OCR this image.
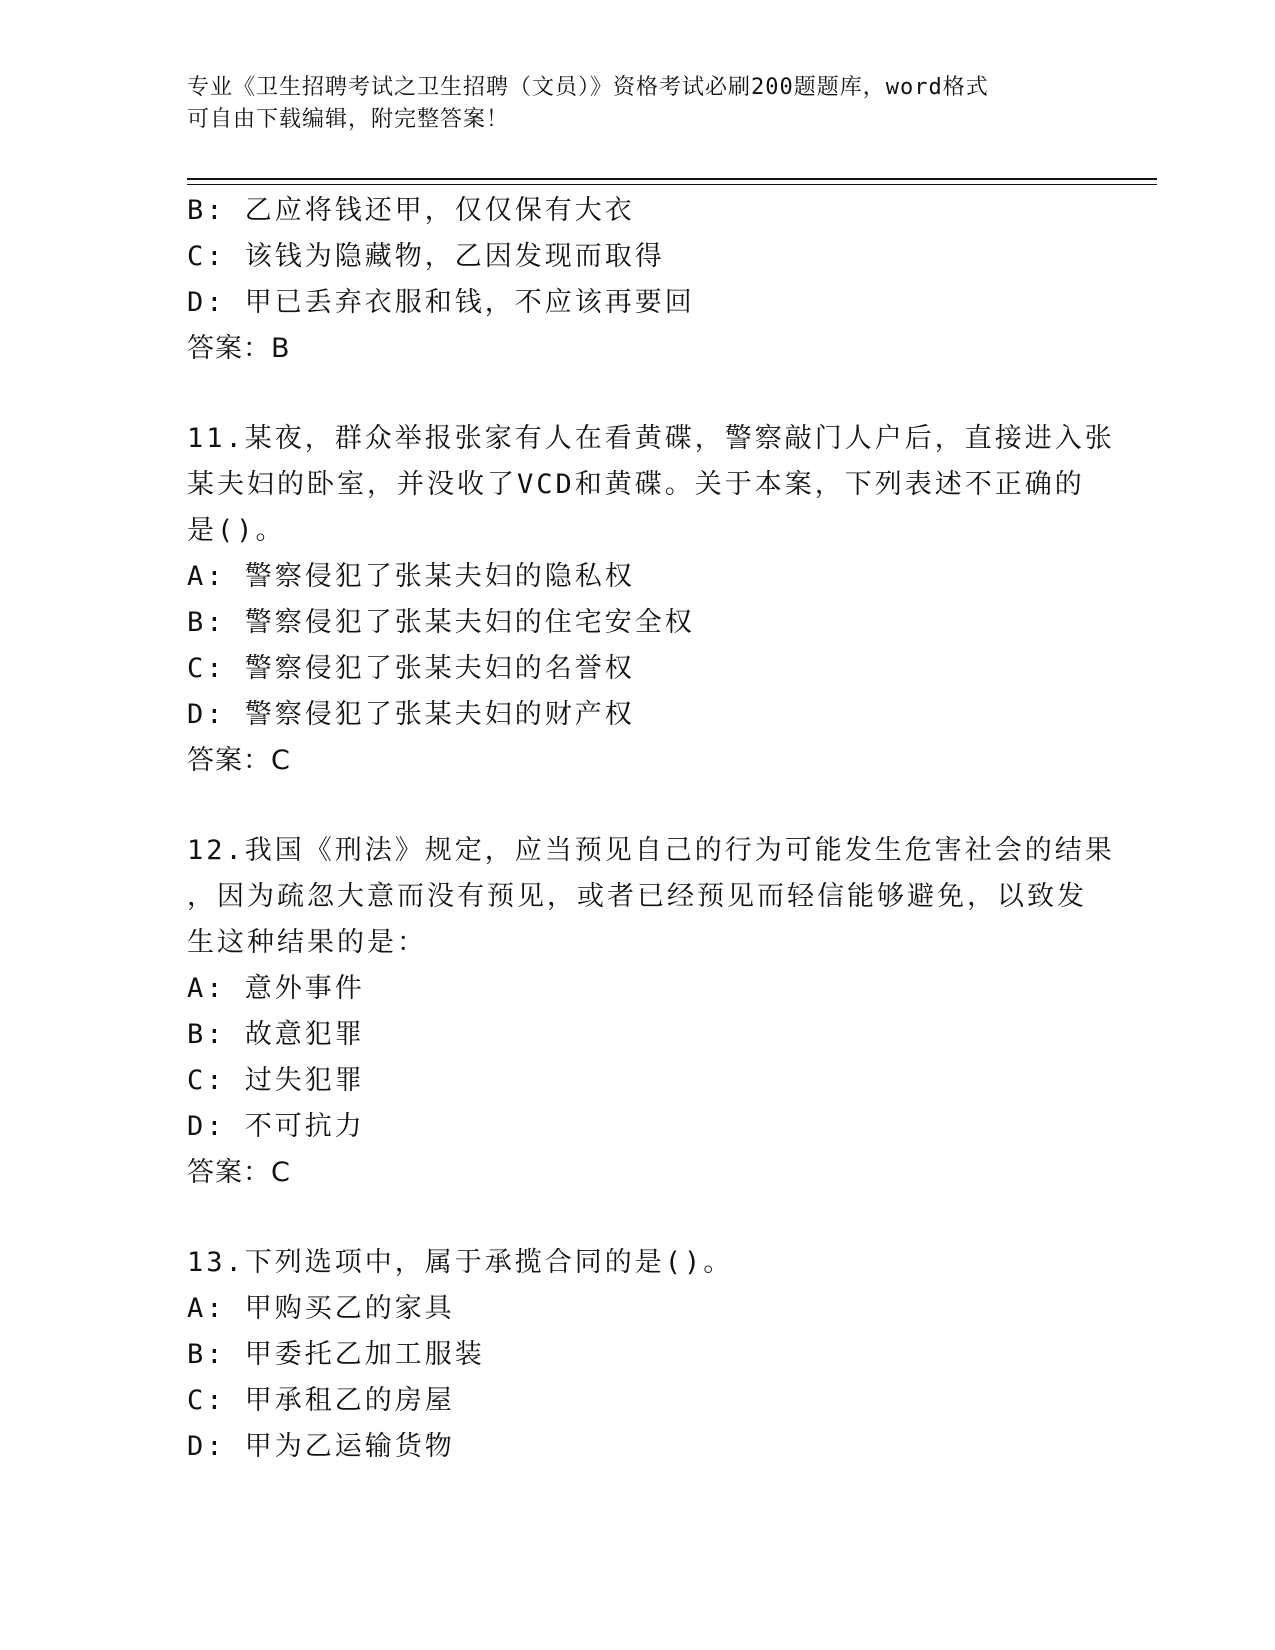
专业《卫生招聘考试之卫生招聘（文员）》资格考试必刷200题题库，word格式
可自由下载编辑，附完整答案！
B: 乙应将钱还甲，仅仅保有大衣
C: 该钱为隐藏物，乙因发现而取得
D: 甲已丢弃衣服和钱，不应该再要回
答案：B
11.某夜，群众举报张家有人在看黄碟，警察敲门人户后，直接进入张
某夫妇的卧室，并没收了VCD和黄碟。关于本案，下列表述不正确的
是()。
A: 警察侵犯了张某夫妇的隐私权
B: 警察侵犯了张某夫妇的住宅安全权
C: 警察侵犯了张某夫妇的名誉权
D: 警察侵犯了张某夫妇的财产权
答案：C
12.我国《刑法》规定，应当预见自己的行为可能发生危害社会的结果
，因为疏忽大意而没有预见，或者已经预见而轻信能够避免，以致发
生这种结果的是：
A: 意外事件
B: 故意犯罪
C: 过失犯罪
D: 不可抗力
答案：C
13.下列选项中，属于承揽合同的是()。
A: 甲购买乙的家具
B: 甲委托乙加工服装
C: 甲承租乙的房屋
D: 甲为乙运输货物
